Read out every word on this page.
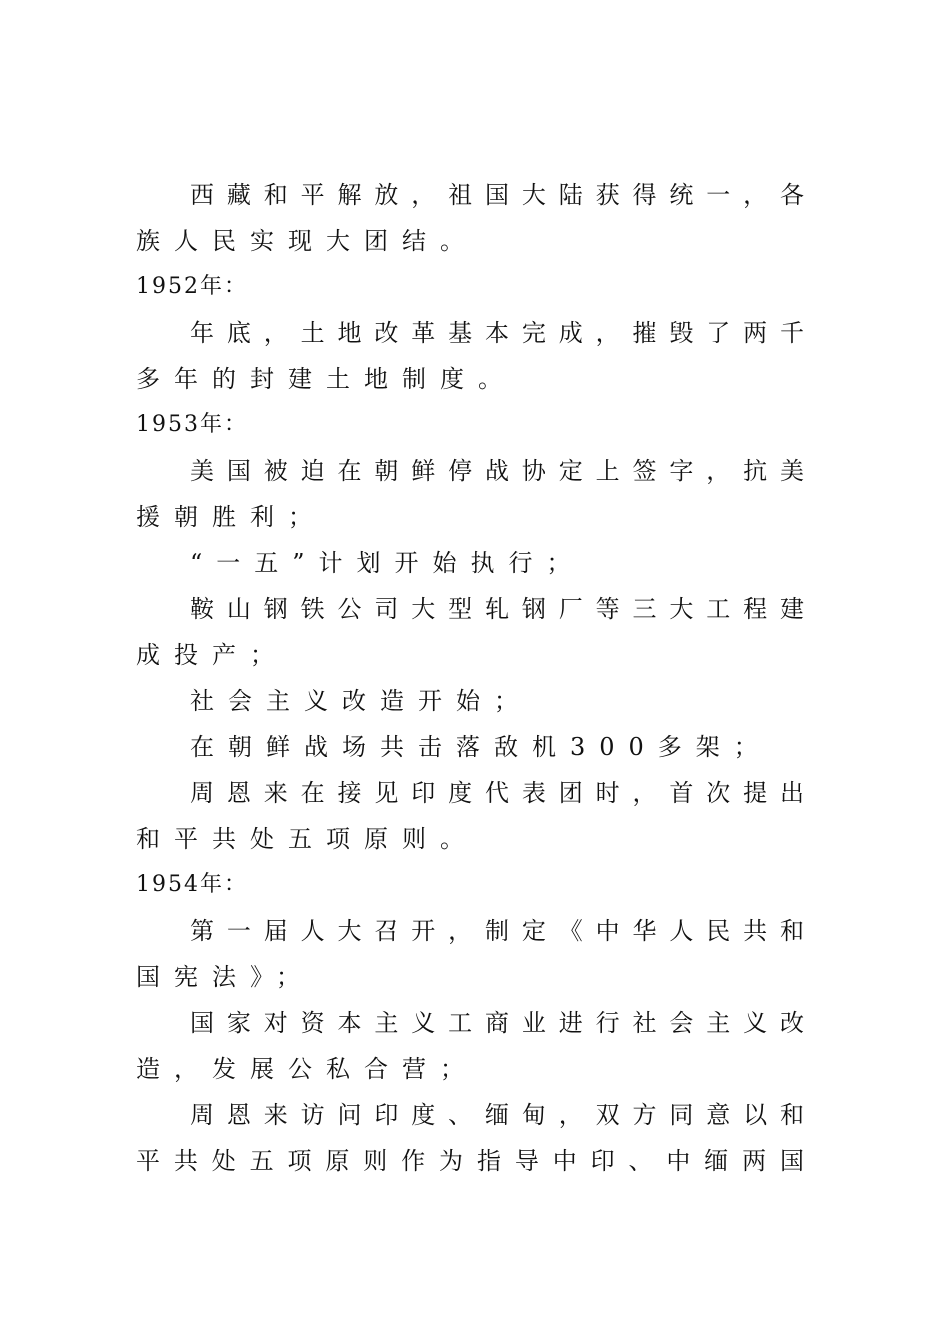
西藏和平解放，祖国大陆获得统一，各
族人民实现大团结。
1952年：
年底，土地改革基本完成，摧毁了两千
多年的封建土地制度。
1953年：
美国被迫在朝鲜停战协定上签字，抗美
援朝胜利；
“一五”计划开始执行；
鞍山钢铁公司大型轧钢厂等三大工程建
成投产；
社会主义改造开始；
在朝鲜战场共击落敌机300多架；
周恩来在接见印度代表团时，首次提出
和平共处五项原则。
1954年：
第一届人大召开，制定《中华人民共和
国宪法》；
国家对资本主义工商业进行社会主义改
造，发展公私合营；
周恩来访问印度、缅甸，双方同意以和
平共处五项原则作为指导中印、中缅两国
